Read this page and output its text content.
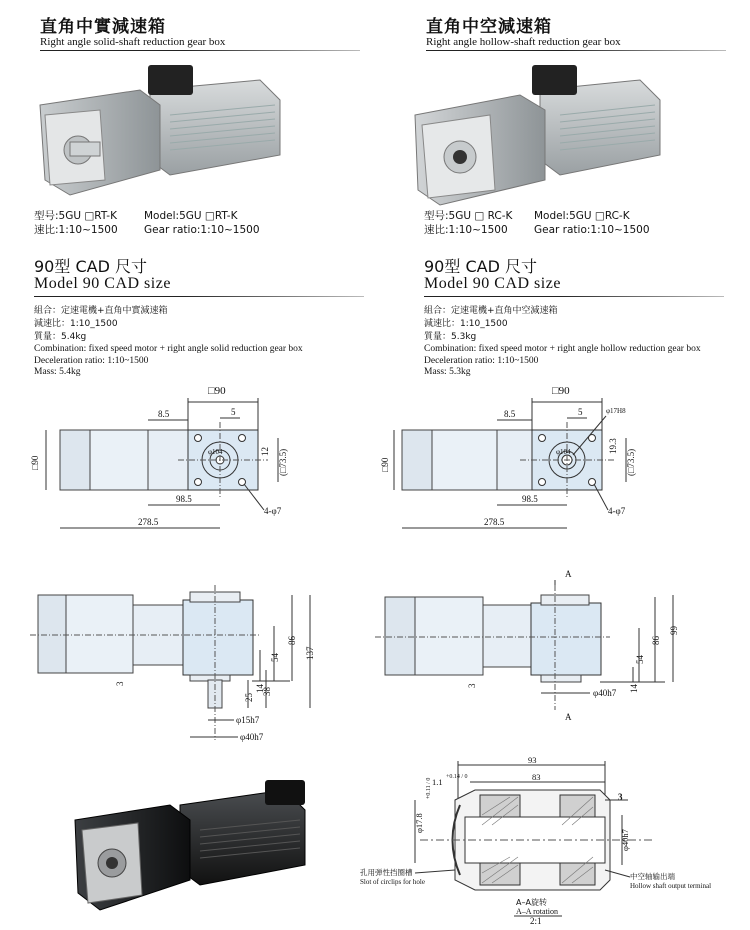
直角中實減速箱
Right angle solid-shaft reduction gear box
型号:5GU □RT-K
速比:1:10~1500
Model:5GU □RT-K
Gear ratio:1:10~1500
90型 CAD 尺寸
Model 90 CAD size
組合：定速電機+直角中實減速箱
減速比：1:10_1500
質量：5.4kg
Combination: fixed speed motor + right angle solid reduction gear box
Deceleration ratio: 1:10~1500
Mass: 5.4kg
直角中空減速箱
Right angle hollow-shaft reduction gear box
型号:5GU □ RC-K
速比:1:10~1500
Model:5GU □RC-K
Gear ratio:1:10~1500
90型 CAD 尺寸
Model 90 CAD size
組合：定速電機+直角中空減速箱
減速比：1:10_1500
質量：5.3kg
Combination: fixed speed motor + right angle hollow reduction gear box
Deceleration ratio: 1:10~1500
Mass: 5.3kg
□90
8.5	5
12 (□73.5)
□90
φ104
98.5
278.5
4-φ7
□90
8.5	5	φ17H8
19.3
(□73.5)
□90
φ104
98.5
278.5
4-φ7
14
54
86
137
3
25
38
φ15h7
φ40h7
A
A
14
54
86
99
3
φ40h7
93
83
1.1 +0.14 / 0
φ17.8
+0.11 / 0	3
φ40h7
孔用弹性挡圈槽
Slot of circlips for hole
中空轴输出端
Hollow shaft output terminal
A–A旋转
A–A rotation
2:1
